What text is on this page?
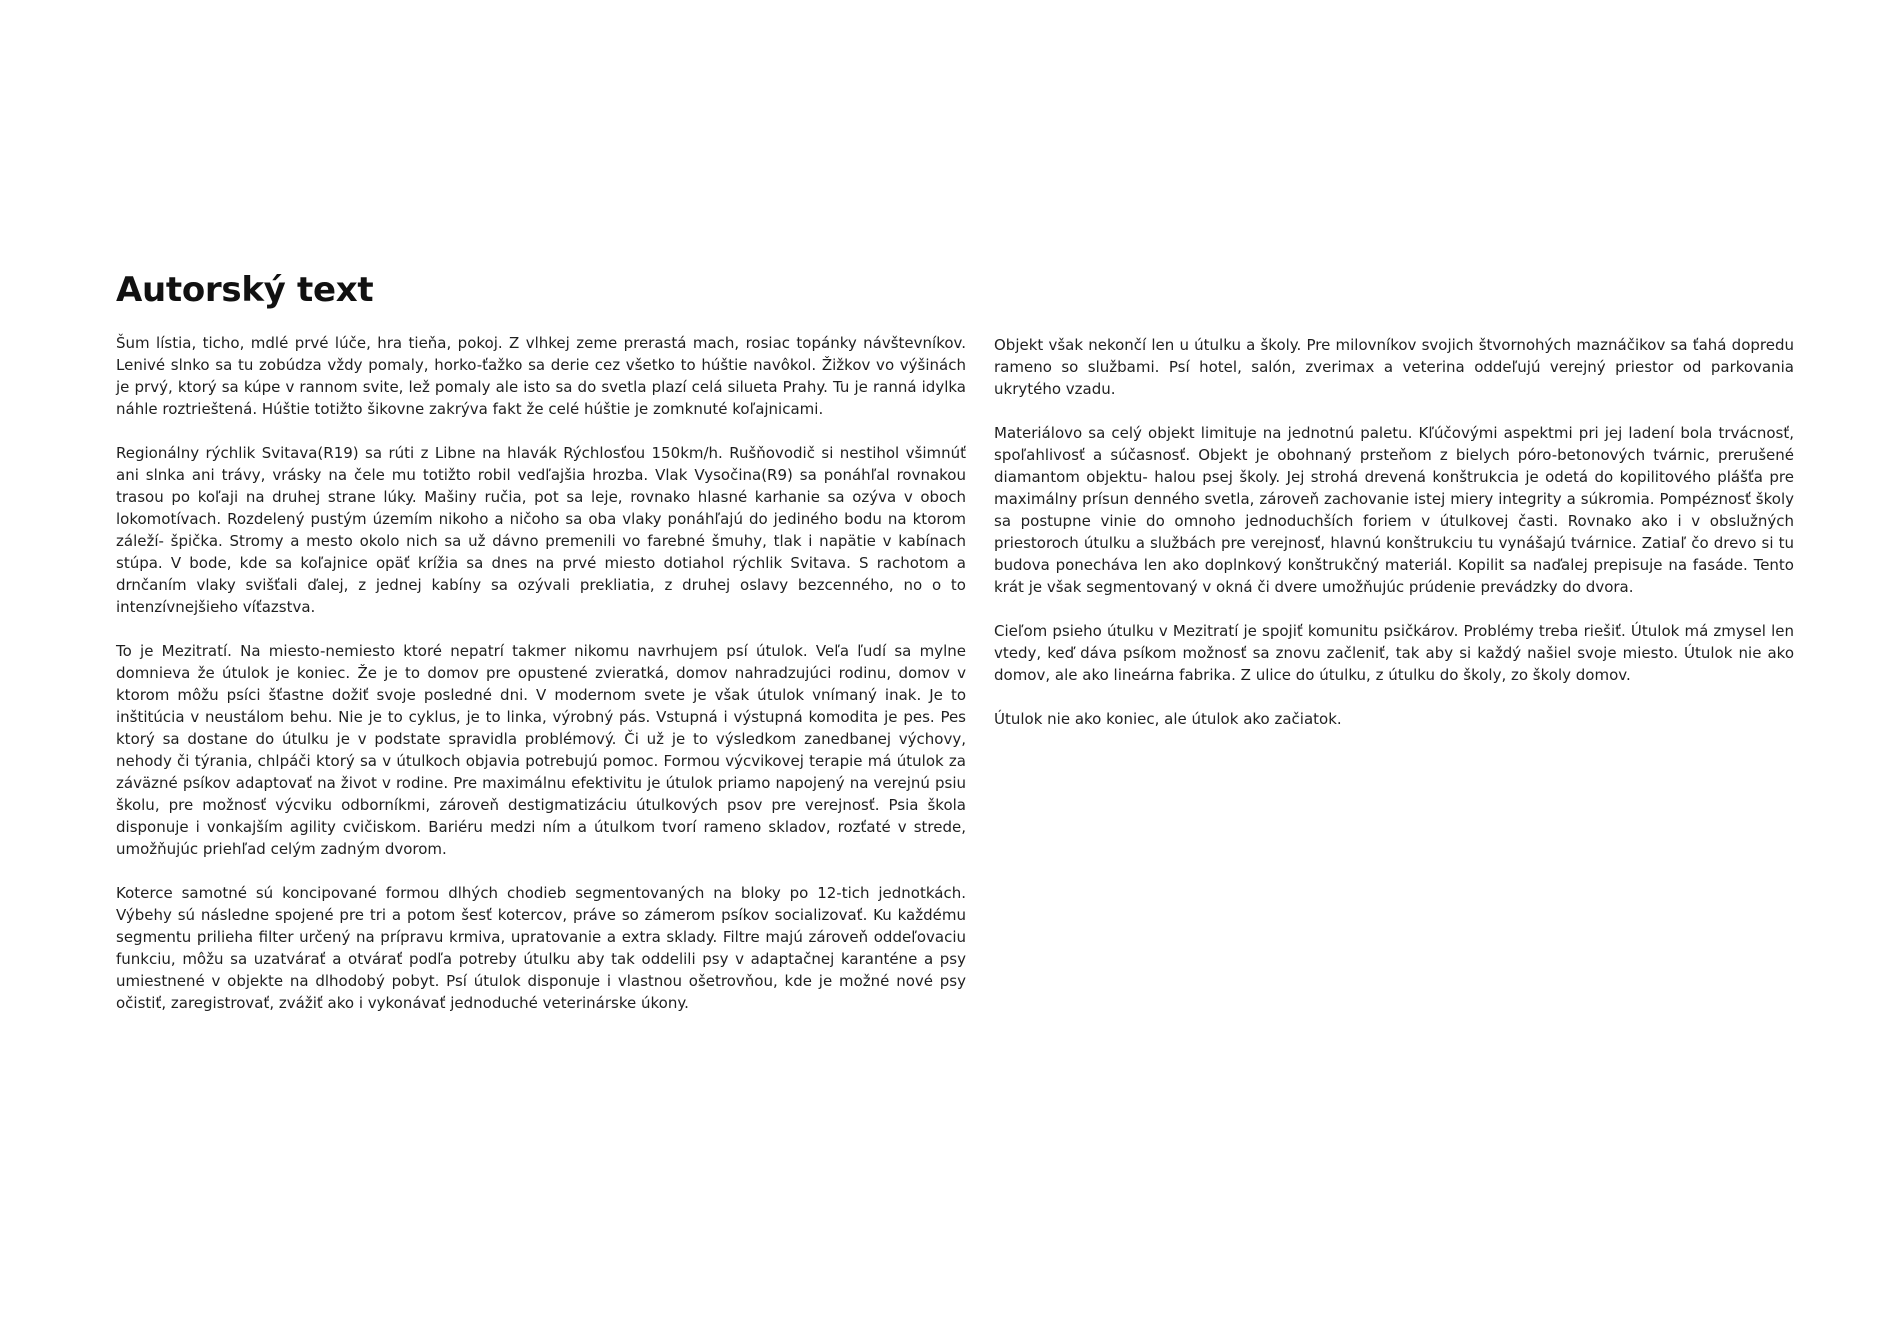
Autorský text

Šum lístia, ticho, mdlé prvé lúče, hra tieňa, pokoj. Z vlhkej zeme prerastá mach, rosiac topánky návštevníkov. Lenivé slnko sa tu zobúdza vždy pomaly, horko-ťažko sa derie cez všetko to húštie navôkol. Žižkov vo výšinách je prvý, ktorý sa kúpe v rannom svite, lež pomaly ale isto sa do svetla plazí celá silueta Prahy. Tu je ranná idylka náhle roztrieštená. Húštie totižto šikovne zakrýva fakt že celé húštie je zomknuté koľajnicami.

Regionálny rýchlik Svitava(R19) sa rúti z Libne na hlavák Rýchlosťou 150km/h. Rušňovodič si nestihol všimnúť ani slnka ani trávy, vrásky na čele mu totižto robil vedľajšia hrozba. Vlak Vysočina(R9) sa ponáhľal rovnakou trasou po koľaji na druhej strane lúky. Mašiny ručia, pot sa leje, rovnako hlasné karhanie sa ozýva v oboch lokomotívach. Rozdelený pustým územím nikoho a ničoho sa oba vlaky ponáhľajú do jediného bodu na ktorom záleží- špička. Stromy a mesto okolo nich sa už dávno premenili vo farebné šmuhy, tlak i napätie v kabínach stúpa. V bode, kde sa koľajnice opäť krížia sa dnes na prvé miesto dotiahol rýchlik Svitava. S rachotom a drnčaním vlaky svišťali ďalej, z jednej kabíny sa ozývali prekliatia, z druhej oslavy bezcenného, no o to intenzívnejšieho víťazstva.

To je Mezitratí. Na miesto-nemiesto ktoré nepatrí takmer nikomu navrhujem psí útulok. Veľa ľudí sa mylne domnieva že útulok je koniec. Že je to domov pre opustené zvieratká, domov nahradzujúci rodinu, domov v ktorom môžu psíci šťastne dožiť svoje posledné dni. V modernom svete je však útulok vnímaný inak. Je to inštitúcia v neustálom behu. Nie je to cyklus, je to linka, výrobný pás. Vstupná i výstupná komodita je pes. Pes ktorý sa dostane do útulku je v podstate spravidla problémový. Či už je to výsledkom zanedbanej výchovy, nehody či týrania, chlpáči ktorý sa v útulkoch objavia potrebujú pomoc. Formou výcvikovej terapie má útulok za záväzné psíkov adaptovať na život v rodine. Pre maximálnu efektivitu je útulok priamo napojený na verejnú psiu školu, pre možnosť výcviku odborníkmi, zároveň destigmatizáciu útulkových psov pre verejnosť. Psia škola disponuje i vonkajším agility cvičiskom. Bariéru medzi ním a útulkom tvorí rameno skladov, rozťaté v strede, umožňujúc priehľad celým zadným dvorom.

Koterce samotné sú koncipované formou dlhých chodieb segmentovaných na bloky po 12-tich jednotkách. Výbehy sú následne spojené pre tri a potom šesť kotercov, práve so zámerom psíkov socializovať. Ku každému segmentu prilieha filter určený na prípravu krmiva, upratovanie a extra sklady. Filtre majú zároveň oddeľovaciu funkciu, môžu sa uzatvárať a otvárať podľa potreby útulku aby tak oddelili psy v adaptačnej karanténe a psy umiestnené v objekte na dlhodobý pobyt. Psí útulok disponuje i vlastnou ošetrovňou, kde je možné nové psy očistiť, zaregistrovať, zvážiť ako i vykonávať jednoduché veterinárske úkony.

Objekt však nekončí len u útulku a školy. Pre milovníkov svojich štvornohých maznáčikov sa ťahá dopredu rameno so službami. Psí hotel, salón, zverimax a veterina oddeľujú verejný priestor od parkovania ukrytého vzadu.

Materiálovo sa celý objekt limituje na jednotnú paletu. Kľúčovými aspektmi pri jej ladení bola trvácnosť, spoľahlivosť a súčasnosť. Objekt je obohnaný prsteňom z bielych póro-betonových tvárnic, prerušené diamantom objektu- halou psej školy. Jej strohá drevená konštrukcia je odetá do kopilitového plášťa pre maximálny prísun denného svetla, zároveň zachovanie istej miery integrity a súkromia. Pompéznosť školy sa postupne vinie do omnoho jednoduchších foriem v útulkovej časti. Rovnako ako i v obslužných priestoroch útulku a službách pre verejnosť, hlavnú konštrukciu tu vynášajú tvárnice. Zatiaľ čo drevo si tu budova ponecháva len ako doplnkový konštrukčný materiál. Kopilit sa naďalej prepisuje na fasáde. Tento krát je však segmentovaný v okná či dvere umožňujúc prúdenie prevádzky do dvora.

Cieľom psieho útulku v Mezitratí je spojiť komunitu psičkárov. Problémy treba riešiť. Útulok má zmysel len vtedy, keď dáva psíkom možnosť sa znovu začleniť, tak aby si každý našiel svoje miesto. Útulok nie ako domov, ale ako lineárna fabrika. Z ulice do útulku, z útulku do školy, zo školy domov.

Útulok nie ako koniec, ale útulok ako začiatok.
